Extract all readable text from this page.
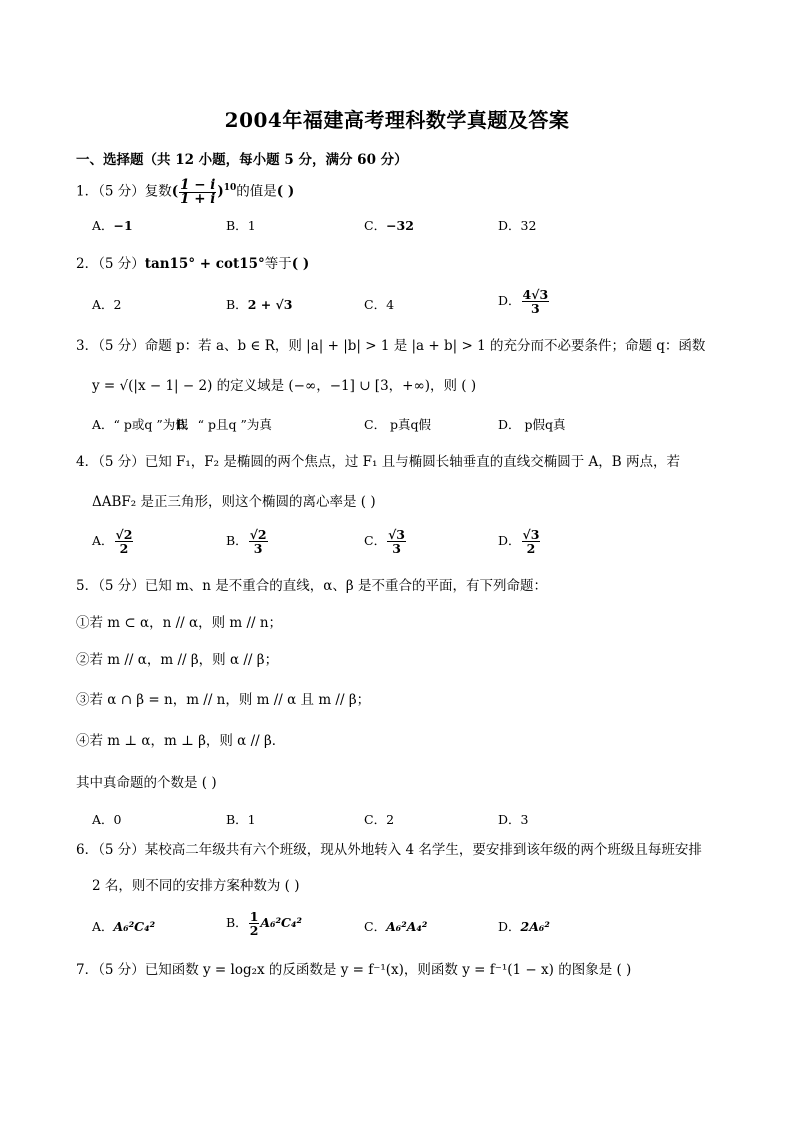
2004年福建高考理科数学真题及答案
一、选择题（共 12 小题，每小题 5 分，满分 60 分）
1．（5 分）复数( $\frac{1 - i}{1 + i} )^{10}$的值是( )
A．−1	B．1	C．−32	D．32
2．（5 分）tan15° + cot15°等于( )
A．2	B．2 + √3	C．4	D． $\frac{4√3}{3}$
3．（5 分）命题 p：若 a、b ∈ R，则 |a| + |b| > 1 是 |a + b| > 1 的充分而不必要条件；命题 q：函数
y = √(|x − 1| − 2) 的定义域是 (−∞，−1] ∪ [3，+∞)，则 ( )
A．“ p或q ”为假
B．“ p且q ”为真	C． p真q假	D． p假q真
4．（5 分）已知 F₁，F₂ 是椭圆的两个焦点，过 F₁ 且与椭圆长轴垂直的直线交椭圆于 A，B 两点，若
ΔABF₂ 是正三角形，则这个椭圆的离心率是 ( )
A． $\frac{√2}{2}$	B． $\frac{√2}{3}$	C． $\frac{√3}{3}$	D． $\frac{√3}{2}$
5．（5 分）已知 m、n 是不重合的直线，α、β 是不重合的平面，有下列命题：
①若 m ⊂ α，n // α，则 m // n；
②若 m // α，m // β，则 α // β；
③若 α ∩ β = n，m // n，则 m // α 且 m // β；
④若 m ⊥ α，m ⊥ β，则 α // β．
其中真命题的个数是 ( )
A．0	B．1	C．2	D．3
6．（5 分）某校高二年级共有六个班级，现从外地转入 4 名学生，要安排到该年级的两个班级且每班安排
2 名，则不同的安排方案种数为 ( )
A．A₆²C₄²	B． $\frac{1}{2} A_6^2C_4^2$	C．A₆²A₄²	D．2A₆²
7．（5 分）已知函数 y = log₂x 的反函数是 y = f⁻¹(x)，则函数 y = f⁻¹(1 − x) 的图象是 ( )
